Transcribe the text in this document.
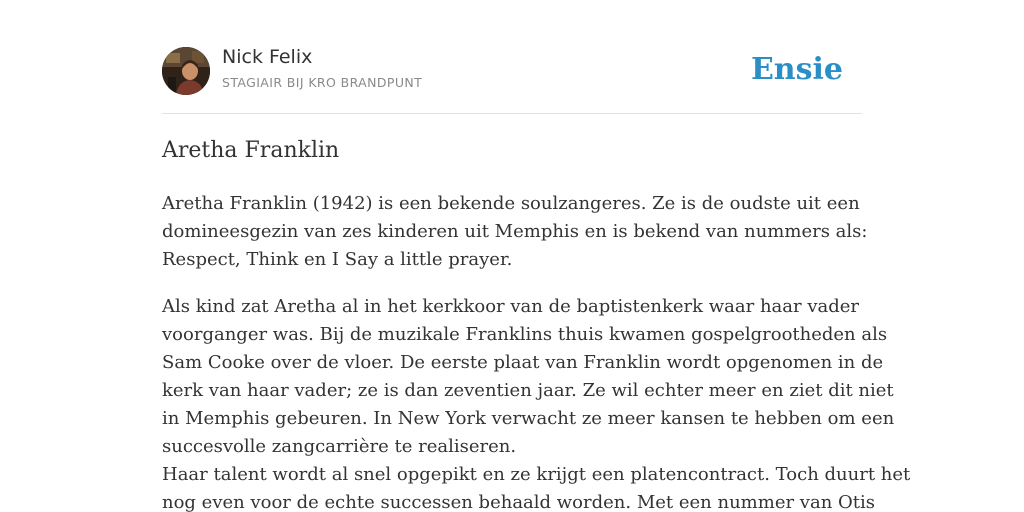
Nick Felix
STAGIAIR BIJ KRO BRANDPUNT	Ensie
Aretha Franklin

Aretha Franklin (1942) is een bekende soulzangeres. Ze is de oudste uit een
domineesgezin van zes kinderen uit Memphis en is bekend van nummers als:
Respect, Think en I Say a little prayer.

Als kind zat Aretha al in het kerkkoor van de baptistenkerk waar haar vader
voorganger was. Bij de muzikale Franklins thuis kwamen gospelgrootheden als
Sam Cooke over de vloer. De eerste plaat van Franklin wordt opgenomen in de
kerk van haar vader; ze is dan zeventien jaar. Ze wil echter meer en ziet dit niet
in Memphis gebeuren. In New York verwacht ze meer kansen te hebben om een
succesvolle zangcarrière te realiseren.

Haar talent wordt al snel opgepikt en ze krijgt een platencontract. Toch duurt het
nog even voor de echte successen behaald worden. Met een nummer van Otis
